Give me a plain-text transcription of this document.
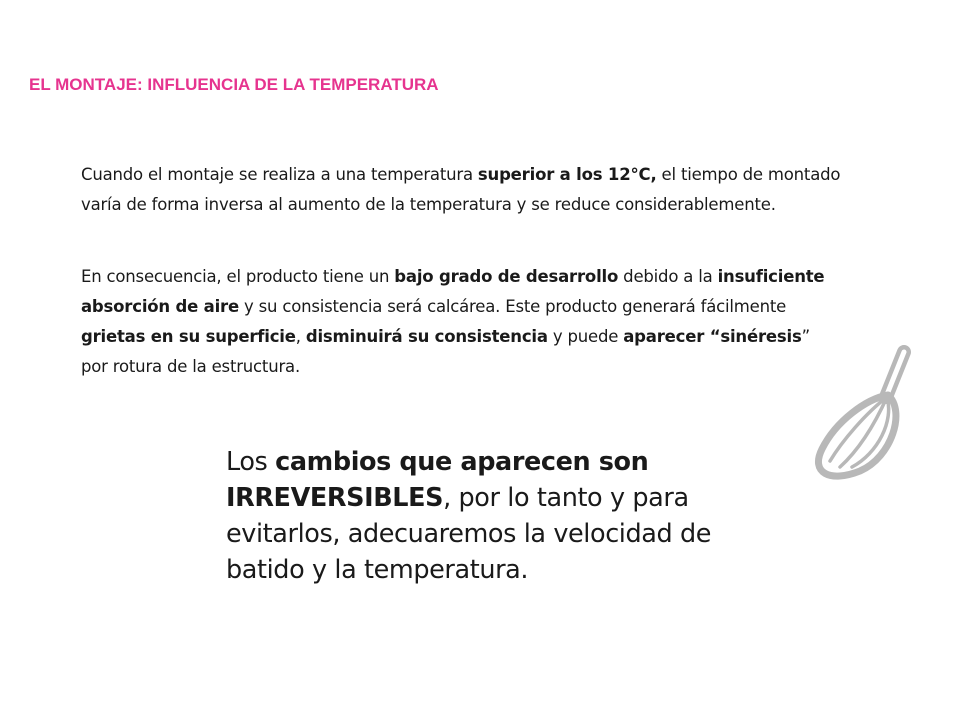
EL MONTAJE: INFLUENCIA DE LA TEMPERATURA
Cuando el montaje se realiza a una temperatura superior a los 12°C, el tiempo de montado varía de forma inversa al aumento de la temperatura y se reduce considerablemente.
En consecuencia, el producto tiene un bajo grado de desarrollo debido a la insuficiente absorción de aire y su consistencia será calcárea. Este producto generará fácilmente grietas en su superficie, disminuirá su consistencia y puede aparecer “sinéresis” por rotura de la estructura.
Los cambios que aparecen son IRREVERSIBLES, por lo tanto y para evitarlos, adecuaremos la velocidad de batido y la temperatura.
